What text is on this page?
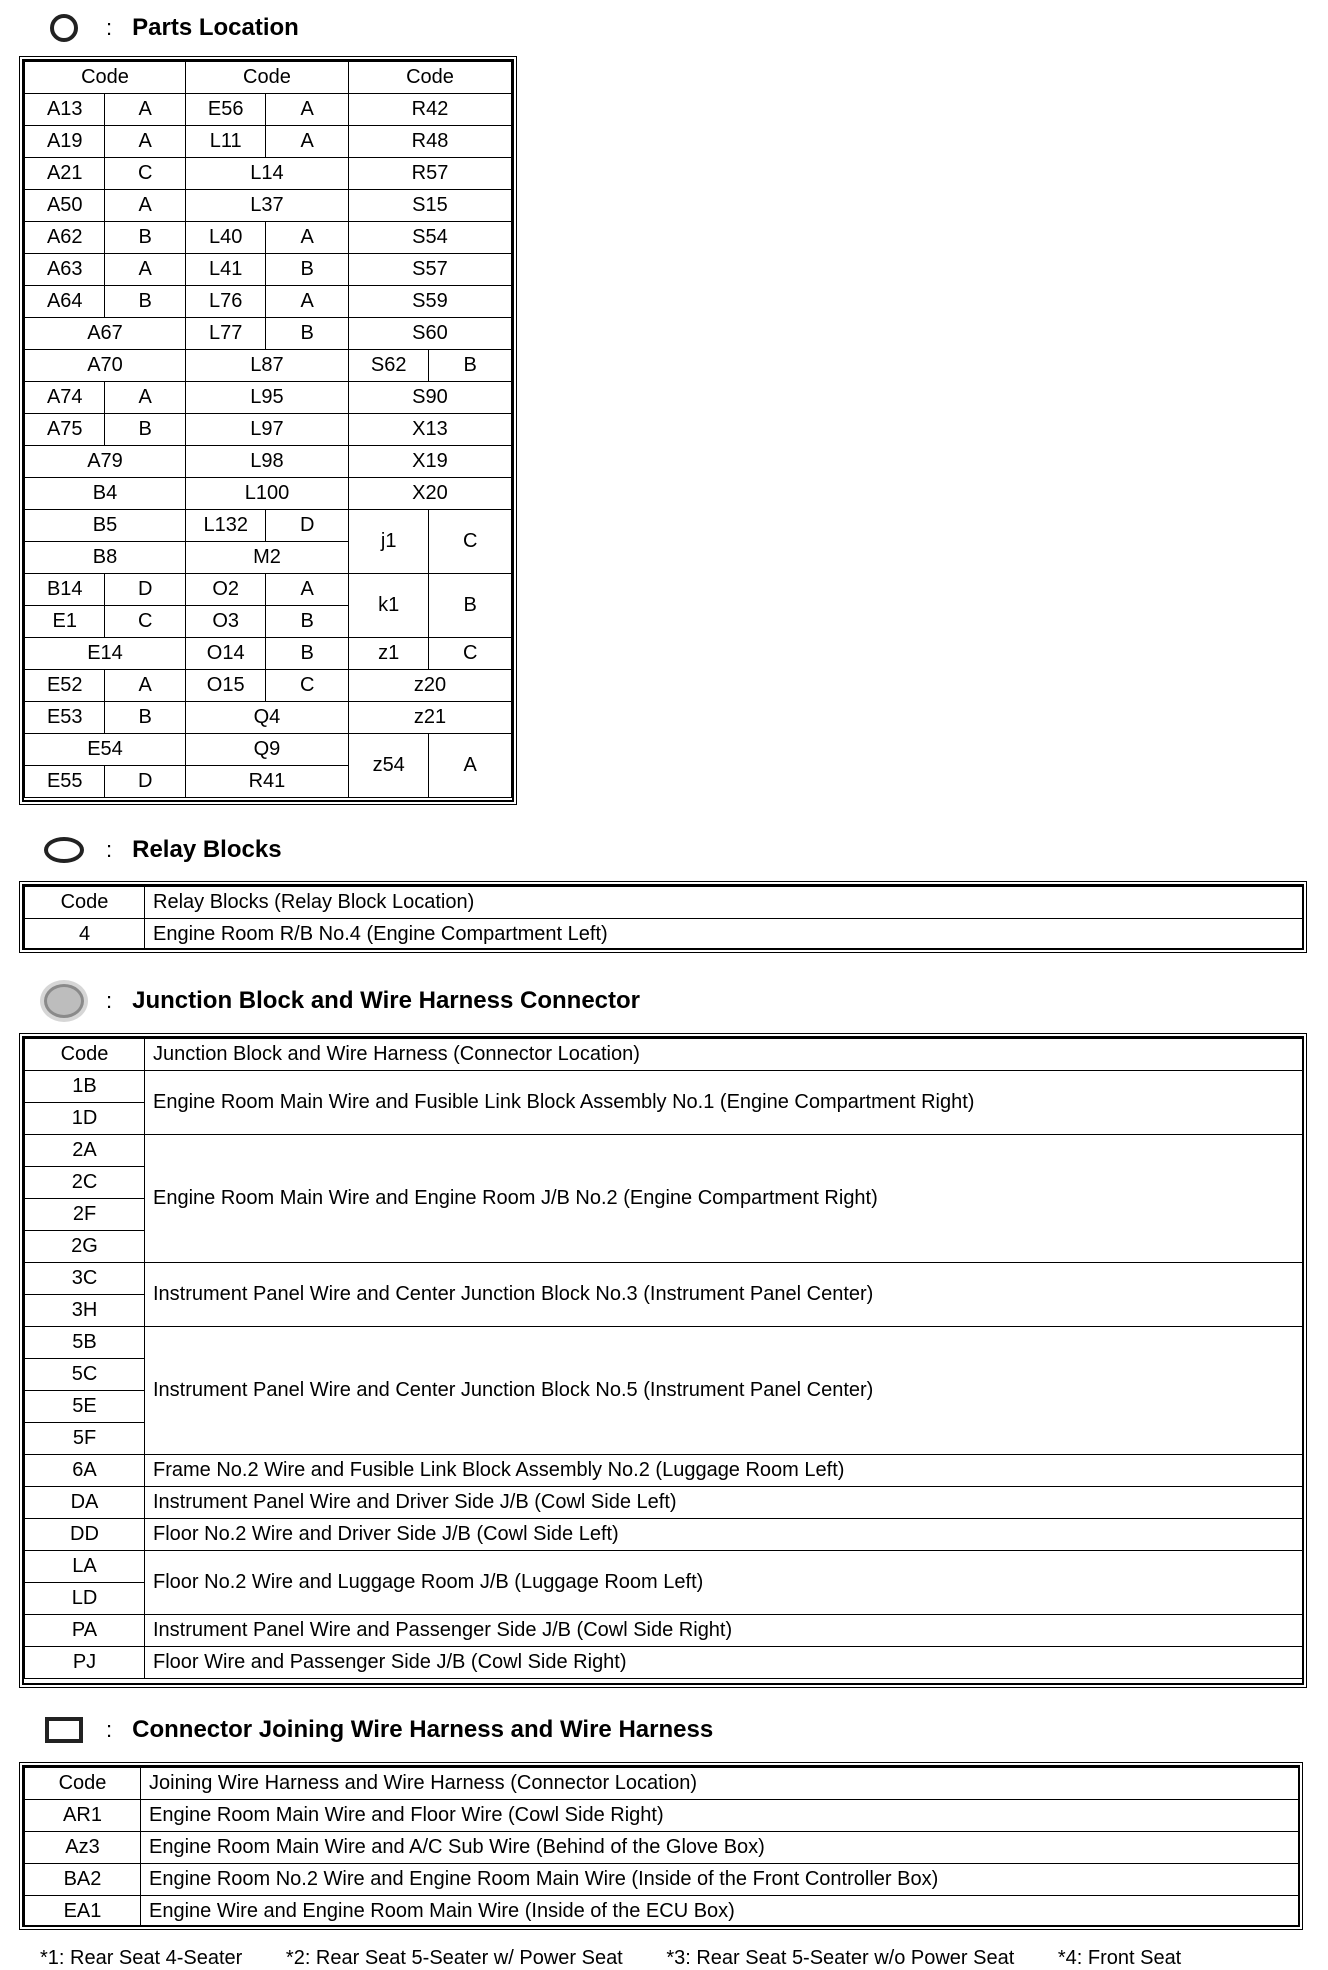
: Parts Location
Code		Code		Code	
A13	A	E56	A	R42	
A19	A	L11	A	R48	
A21	C	L14		R57	
A50	A	L37		S15	
A62	B	L40	A	S54	
A63	A	L41	B	S57	
A64	B	L76	A	S59	
A67		L77	B	S60	
A70		L87		S62	B
A74	A	L95		S90	
A75	B	L97		X13	
A79		L98		X19	
B4		L100		X20	
B5		L132	D	j1	C
B8		M2			
B14	D	O2	A	k1	B
E1	C	O3	B		
E14		O14	B	z1	C
E52	A	O15	C	z20	
E53	B	Q4		z21	
E54		Q9		z54	A
E55	D	R41			
: Relay Blocks
Code	Relay Blocks (Relay Block Location)
4	Engine Room R/B No.4 (Engine Compartment Left)
: Junction Block and Wire Harness Connector
Code	Junction Block and Wire Harness (Connector Location)
1B	Engine Room Main Wire and Fusible Link Block Assembly No.1 (Engine Compartment Right)
1D	
2A	Engine Room Main Wire and Engine Room J/B No.2 (Engine Compartment Right)
2C	
2F	
2G	
3C	Instrument Panel Wire and Center Junction Block No.3 (Instrument Panel Center)
3H	
5B	Instrument Panel Wire and Center Junction Block No.5 (Instrument Panel Center)
5C	
5E	
5F	
6A	Frame No.2 Wire and Fusible Link Block Assembly No.2 (Luggage Room Left)
DA	Instrument Panel Wire and Driver Side J/B (Cowl Side Left)
DD	Floor No.2 Wire and Driver Side J/B (Cowl Side Left)
LA	Floor No.2 Wire and Luggage Room J/B (Luggage Room Left)
LD	
PA	Instrument Panel Wire and Passenger Side J/B (Cowl Side Right)
PJ	Floor Wire and Passenger Side J/B (Cowl Side Right)
: Connector Joining Wire Harness and Wire Harness
Code	Joining Wire Harness and Wire Harness (Connector Location)
AR1	Engine Room Main Wire and Floor Wire (Cowl Side Right)
Az3	Engine Room Main Wire and A/C Sub Wire (Behind of the Glove Box)
BA2	Engine Room No.2 Wire and Engine Room Main Wire (Inside of the Front Controller Box)
EA1	Engine Wire and Engine Room Main Wire (Inside of the ECU Box)
*1: Rear Seat 4-Seater *2: Rear Seat 5-Seater w/ Power Seat *3: Rear Seat 5-Seater w/o Power Seat *4: Front Seat
